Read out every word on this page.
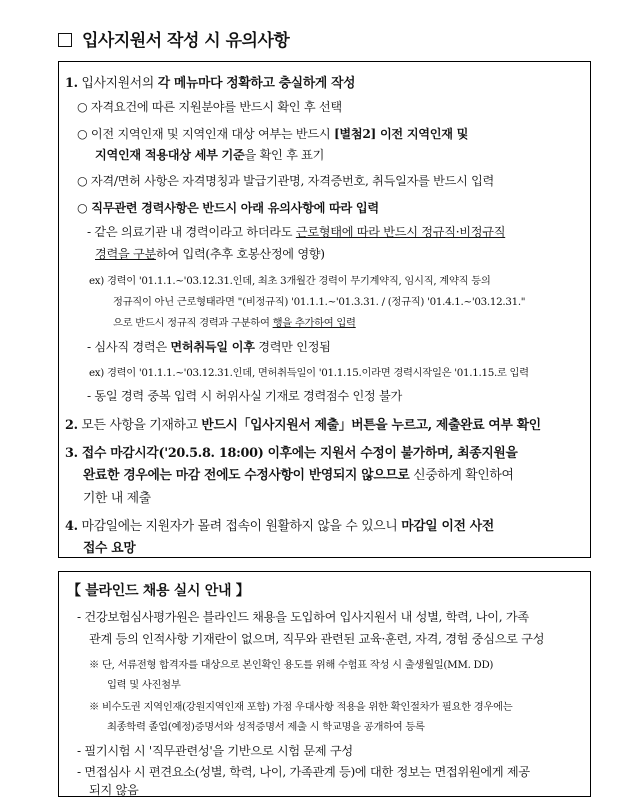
입사지원서 작성 시 유의사항
1. 입사지원서의 각 메뉴마다 정확하고 충실하게 작성
○ 자격요건에 따른 지원분야를 반드시 확인 후 선택
○ 이전 지역인재 및 지역인재 대상 여부는 반드시 [별첨2] 이전 지역인재 및
지역인재 적용대상 세부 기준을 확인 후 표기
○ 자격/면허 사항은 자격명칭과 발급기관명, 자격증번호, 취득일자를 반드시 입력
○ 직무관련 경력사항은 반드시 아래 유의사항에 따라 입력
- 같은 의료기관 내 경력이라고 하더라도 근로형태에 따라 반드시 정규직·비정규직
경력을 구분하여 입력(추후 호봉산정에 영향)
ex) 경력이 '01.1.1.~'03.12.31.인데, 최초 3개월간 경력이 무기계약직, 임시직, 계약직 등의
정규직이 아닌 근로형태라면 "(비정규직) '01.1.1.~'01.3.31. / (정규직) '01.4.1.~'03.12.31."
으로 반드시 정규직 경력과 구분하여 행을 추가하여 입력
- 심사직 경력은 면허취득일 이후 경력만 인정됨
ex) 경력이 '01.1.1.~'03.12.31.인데, 면허취득일이 '01.1.15.이라면 경력시작일은 '01.1.15.로 입력
- 동일 경력 중복 입력 시 허위사실 기재로 경력점수 인정 불가
2. 모든 사항을 기재하고 반드시「입사지원서 제출」버튼을 누르고, 제출완료 여부 확인
3. 접수 마감시각('20.5.8. 18:00) 이후에는 지원서 수정이 불가하며, 최종지원을
완료한 경우에는 마감 전에도 수정사항이 반영되지 않으므로 신중하게 확인하여
기한 내 제출
4. 마감일에는 지원자가 몰려 접속이 원활하지 않을 수 있으니 마감일 이전 사전
접수 요망
【 블라인드 채용 실시 안내 】
- 건강보험심사평가원은 블라인드 채용을 도입하여 입사지원서 내 성별, 학력, 나이, 가족
관계 등의 인적사항 기재란이 없으며, 직무와 관련된 교육·훈련, 자격, 경험 중심으로 구성
※ 단, 서류전형 합격자를 대상으로 본인확인 용도를 위해 수험표 작성 시 출생월일(MM. DD)
입력 및 사진첨부
※ 비수도권 지역인재(강원지역인재 포함) 가점 우대사항 적용을 위한 확인절차가 필요한 경우에는
최종학력 졸업(예정)증명서와 성적증명서 제출 시 학교명을 공개하여 등록
- 필기시험 시 '직무관련성'을 기반으로 시험 문제 구성
- 면접심사 시 편견요소(성별, 학력, 나이, 가족관계 등)에 대한 정보는 면접위원에게 제공
되지 않음
